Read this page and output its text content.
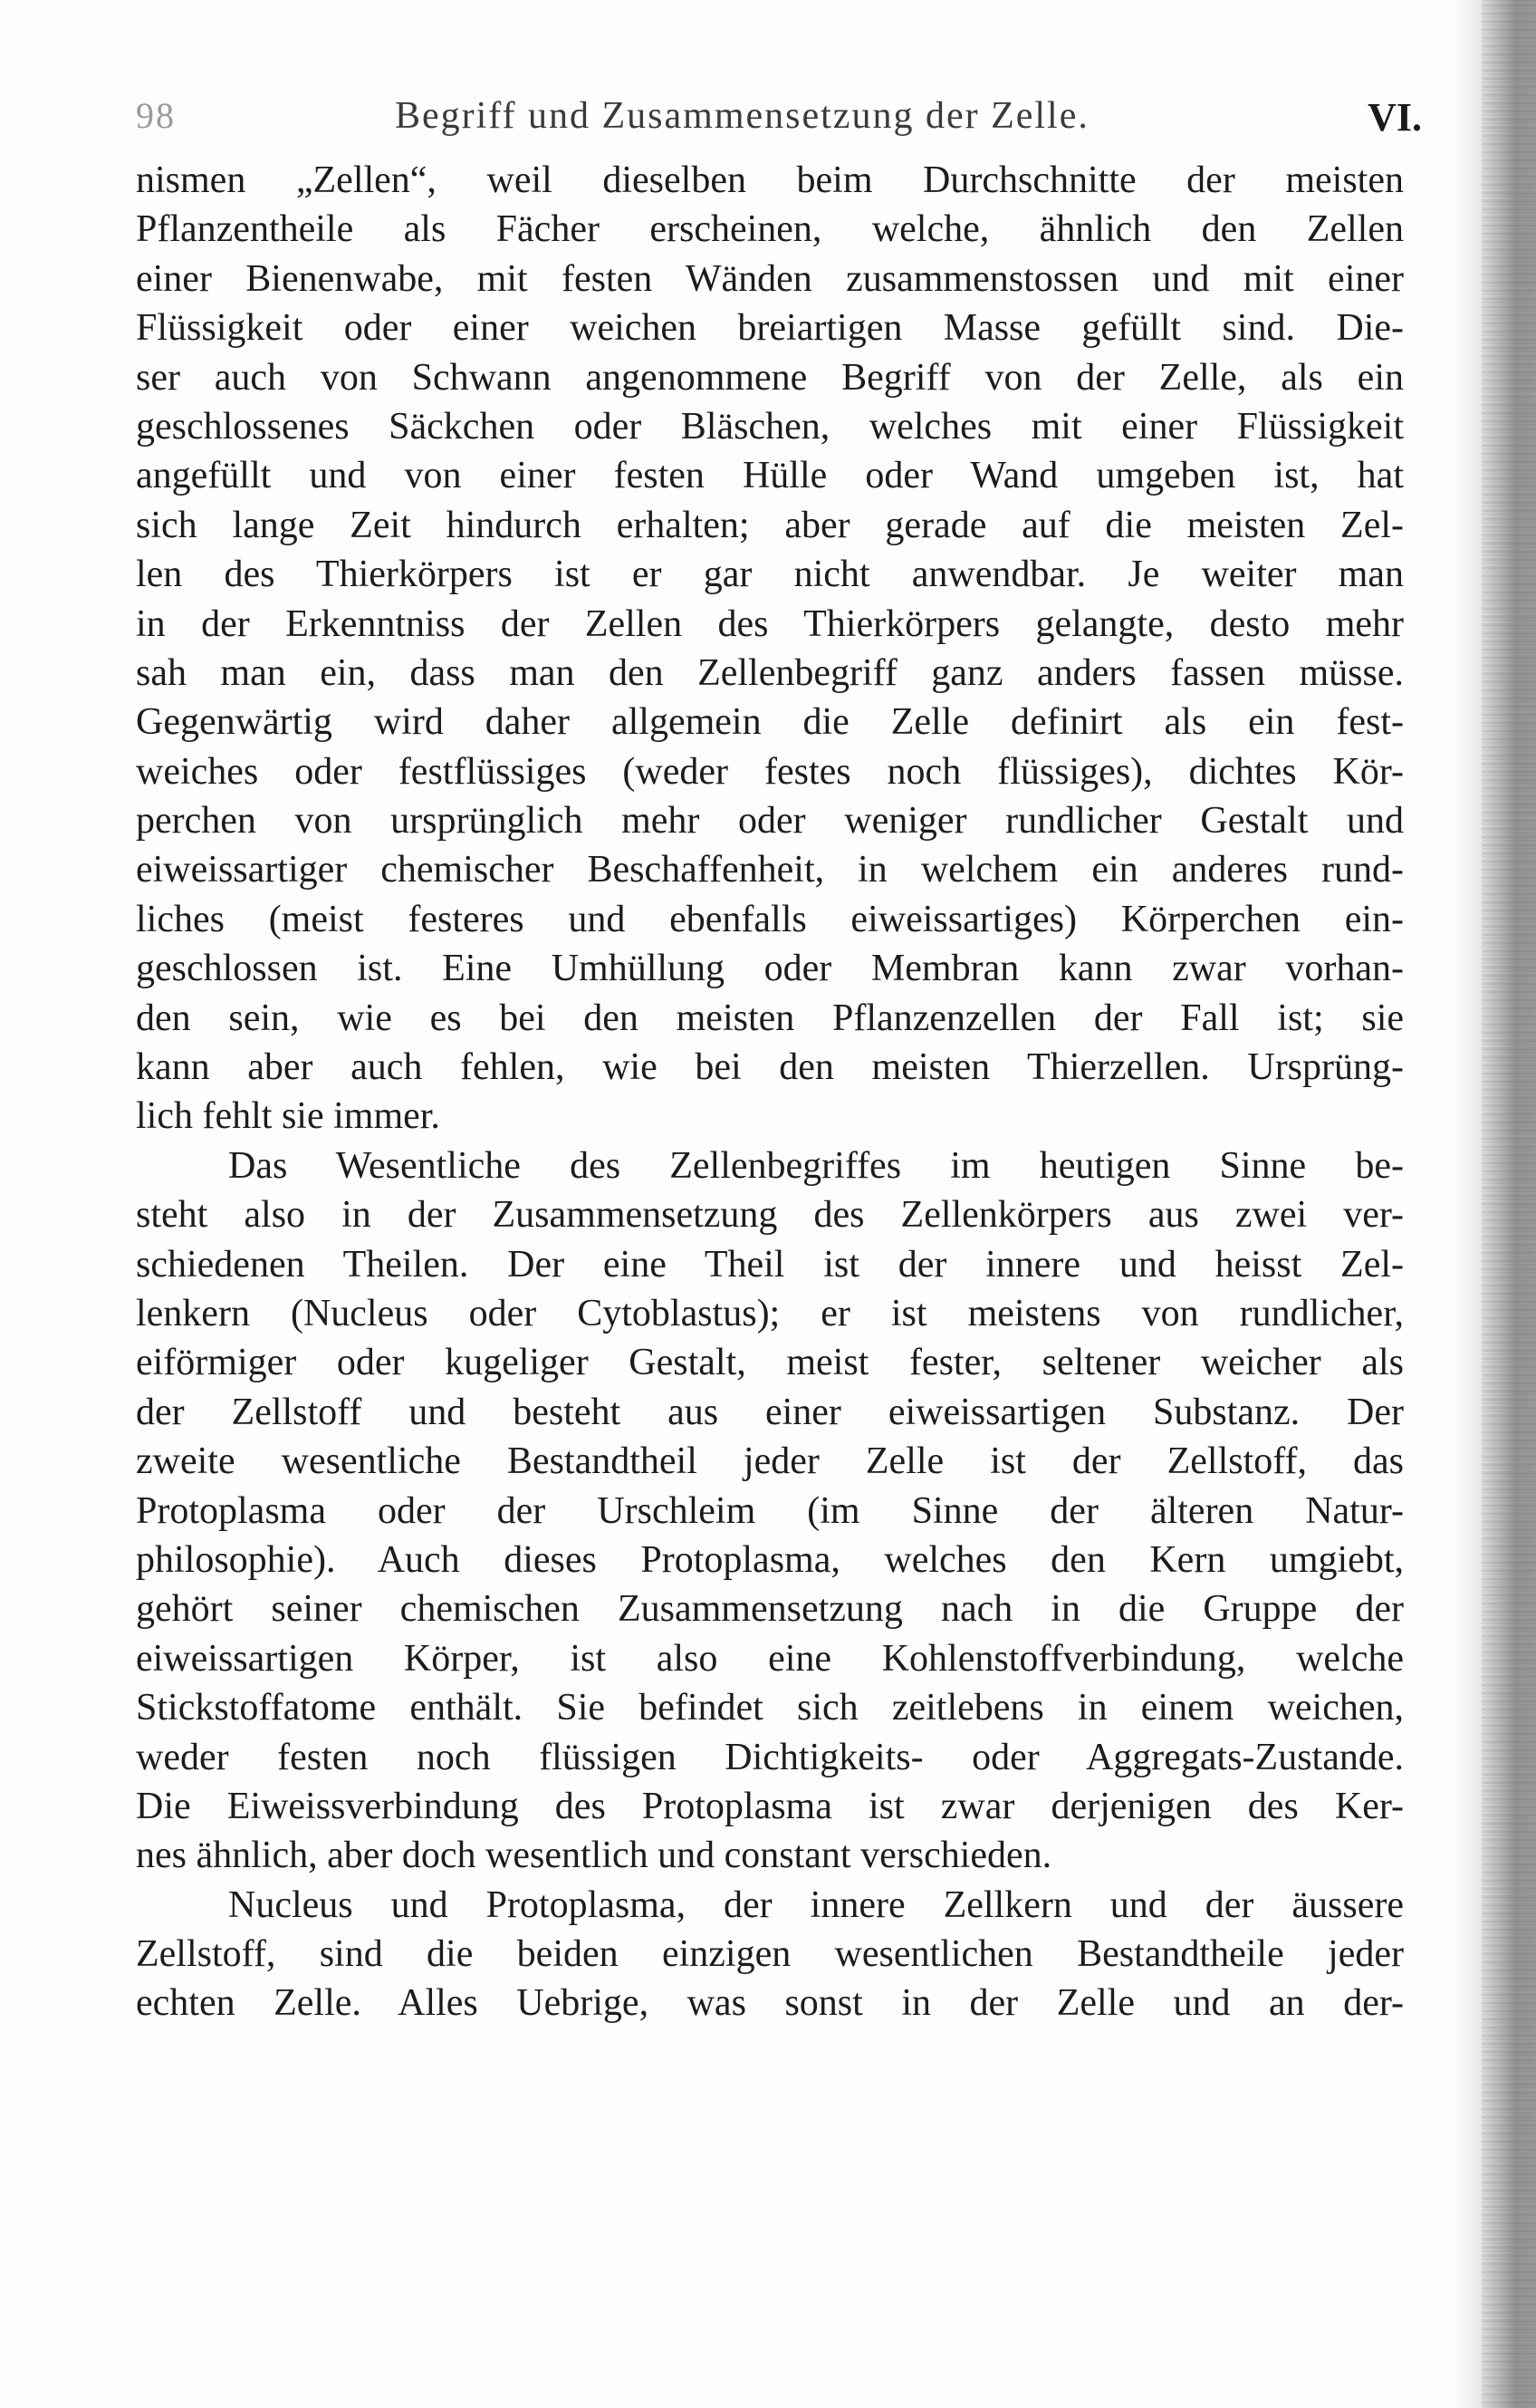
98	Begriff und Zusammensetzung der Zelle.	VI.
nismen „Zellen“, weil dieselben beim Durchschnitte der meisten
Pflanzentheile als Fächer erscheinen, welche, ähnlich den Zellen
einer Bienenwabe, mit festen Wänden zusammenstossen und mit einer
Flüssigkeit oder einer weichen breiartigen Masse gefüllt sind. Die-
ser auch von Schwann angenommene Begriff von der Zelle, als ein
geschlossenes Säckchen oder Bläschen, welches mit einer Flüssigkeit
angefüllt und von einer festen Hülle oder Wand umgeben ist, hat
sich lange Zeit hindurch erhalten; aber gerade auf die meisten Zel-
len des Thierkörpers ist er gar nicht anwendbar. Je weiter man
in der Erkenntniss der Zellen des Thierkörpers gelangte, desto mehr
sah man ein, dass man den Zellenbegriff ganz anders fassen müsse.
Gegenwärtig wird daher allgemein die Zelle definirt als ein fest-
weiches oder festflüssiges (weder festes noch flüssiges), dichtes Kör-
perchen von ursprünglich mehr oder weniger rundlicher Gestalt und
eiweissartiger chemischer Beschaffenheit, in welchem ein anderes rund-
liches (meist festeres und ebenfalls eiweissartiges) Körperchen ein-
geschlossen ist. Eine Umhüllung oder Membran kann zwar vorhan-
den sein, wie es bei den meisten Pflanzenzellen der Fall ist; sie
kann aber auch fehlen, wie bei den meisten Thierzellen. Ursprüng-
lich fehlt sie immer.
Das Wesentliche des Zellenbegriffes im heutigen Sinne be-
steht also in der Zusammensetzung des Zellenkörpers aus zwei ver-
schiedenen Theilen. Der eine Theil ist der innere und heisst Zel-
lenkern (Nucleus oder Cytoblastus); er ist meistens von rundlicher,
eiförmiger oder kugeliger Gestalt, meist fester, seltener weicher als
der Zellstoff und besteht aus einer eiweissartigen Substanz. Der
zweite wesentliche Bestandtheil jeder Zelle ist der Zellstoff, das
Protoplasma oder der Urschleim (im Sinne der älteren Natur-
philosophie). Auch dieses Protoplasma, welches den Kern umgiebt,
gehört seiner chemischen Zusammensetzung nach in die Gruppe der
eiweissartigen Körper, ist also eine Kohlenstoffverbindung, welche
Stickstoffatome enthält. Sie befindet sich zeitlebens in einem weichen,
weder festen noch flüssigen Dichtigkeits- oder Aggregats-Zustande.
Die Eiweissverbindung des Protoplasma ist zwar derjenigen des Ker-
nes ähnlich, aber doch wesentlich und constant verschieden.
Nucleus und Protoplasma, der innere Zellkern und der äussere
Zellstoff, sind die beiden einzigen wesentlichen Bestandtheile jeder
echten Zelle. Alles Uebrige, was sonst in der Zelle und an der-
